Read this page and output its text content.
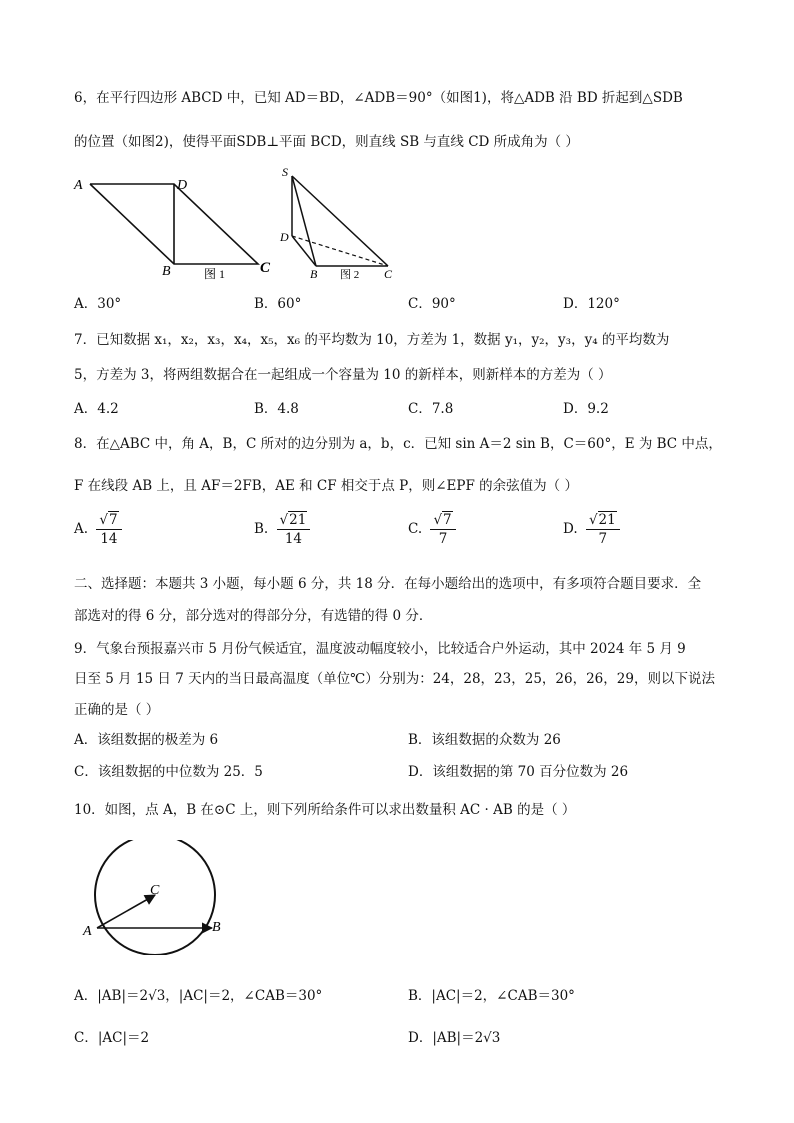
6，在平行四边形 ABCD 中，已知 AD＝BD，∠ADB＝90°（如图1)，将△ADB 沿 BD 折起到△SDB
的位置（如图2)，使得平面SDB⊥平面 BCD，则直线 SB 与直线 CD 所成角为（ ）
A	D
B	C
图 1
S
D
B	C
图 2
A．30°	B．60°	C．90°	D．120°
7．已知数据 x₁，x₂，x₃，x₄，x₅，x₆ 的平均数为 10，方差为 1，数据 y₁，y₂，y₃，y₄ 的平均数为
5，方差为 3，将两组数据合在一起组成一个容量为 10 的新样本，则新样本的方差为（ ）
A．4.2	B．4.8	C．7.8	D．9.2
8．在△ABC 中，角 A，B，C 所对的边分别为 a，b，c．已知 sin A＝2 sin B，C＝60°，E 为 BC 中点，
F 在线段 AB 上，且 AF＝2FB，AE 和 CF 相交于点 P，则∠EPF 的余弦值为（ ）
A. $\frac{√7}{14}$	B. $\frac{√21}{14}$	C. $\frac{√7}{7}$	D. $\frac{√21}{7}$
二、选择题：本题共 3 小题，每小题 6 分，共 18 分．在每小题给出的选项中，有多项符合题目要求．全
部选对的得 6 分，部分选对的得部分分，有选错的得 0 分．
9．气象台预报嘉兴市 5 月份气候适宜，温度波动幅度较小，比较适合户外运动，其中 2024 年 5 月 9
日至 5 月 15 日 7 天内的当日最高温度（单位℃）分别为：24，28，23，25，26，26，29，则以下说法
正确的是（ ）
A．该组数据的极差为 6	B．该组数据的众数为 26
C．该组数据的中位数为 25．5	D．该组数据的第 70 百分位数为 26
10．如图，点 A，B 在⊙C 上，则下列所给条件可以求出数量积 AC · AB 的是（ ）
C
A	B
A．|AB|＝2√3，|AC|＝2，∠CAB＝30°	B．|AC|＝2，∠CAB＝30°
C．|AC|＝2	D．|AB|＝2√3
